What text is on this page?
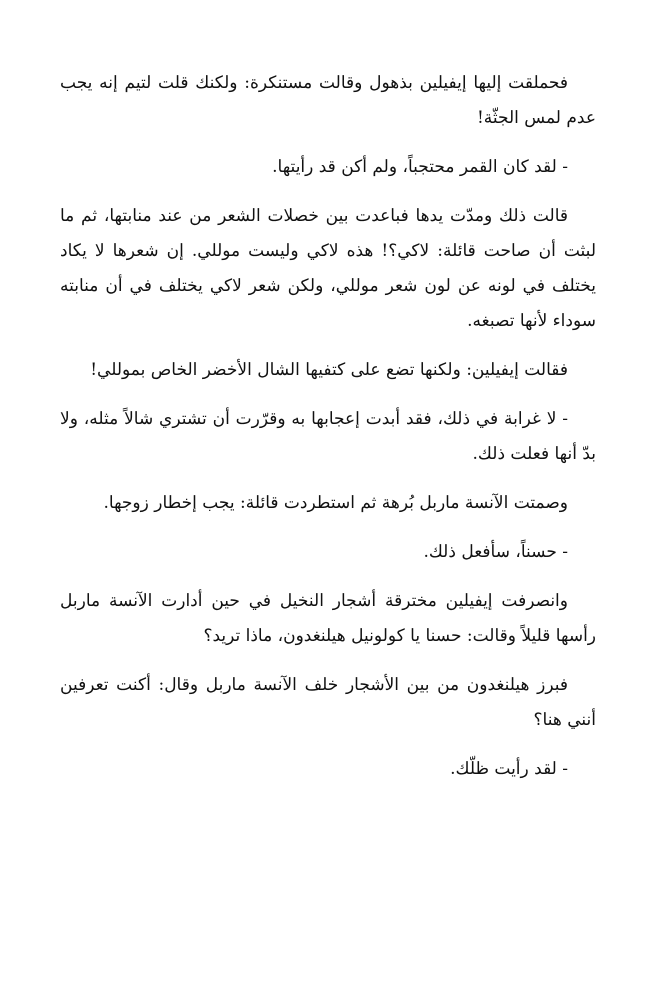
فحملقت إليها إيفيلين بذهول وقالت مستنكرة: ولكنك قلت لتيم إنه يجب عدم لمس الجثّة!

- لقد كان القمر محتجباً، ولم أكن قد رأيتها.

قالت ذلك ومدّت يدها فباعدت بين خصلات الشعر من عند منابتها، ثم ما لبثت أن صاحت قائلة: لاكي؟! هذه لاكي وليست موللي. إن شعرها لا يكاد يختلف في لونه عن لون شعر موللي، ولكن شعر لاكي يختلف في أن منابته سوداء لأنها تصبغه.

فقالت إيفيلين: ولكنها تضع على كتفيها الشال الأخضر الخاص بموللي!

- لا غرابة في ذلك، فقد أبدت إعجابها به وقرّرت أن تشتري شالاً مثله، ولا بدّ أنها فعلت ذلك.

وصمتت الآنسة ماربل بُرهة ثم استطردت قائلة: يجب إخطار زوجها.

- حسناً، سأفعل ذلك.

وانصرفت إيفيلين مخترقة أشجار النخيل في حين أدارت الآنسة ماربل رأسها قليلاً وقالت: حسنا يا كولونيل هيلنغدون، ماذا تريد؟

فبرز هيلنغدون من بين الأشجار خلف الآنسة ماربل وقال: أكنت تعرفين أنني هنا؟

- لقد رأيت ظلّك.
